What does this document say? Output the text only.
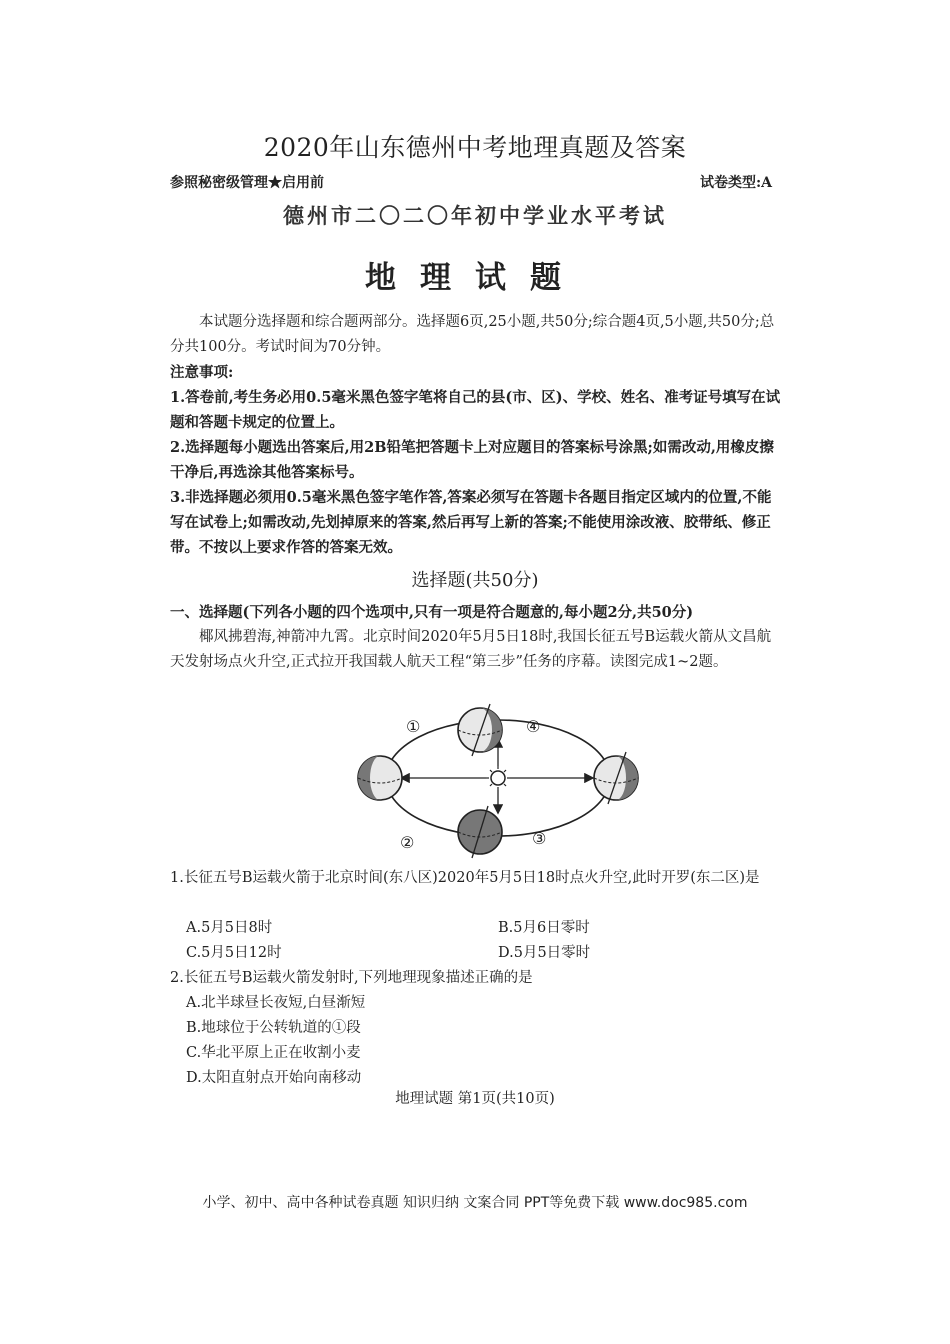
2020年山东德州中考地理真题及答案
参照秘密级管理★启用前	试卷类型:A
德州市二〇二〇年初中学业水平考试
地理试题

本试题分选择题和综合题两部分。选择题6页,25小题,共50分;综合题4页,5小题,共50分;总分共100分。考试时间为70分钟。

注意事项:

1.答卷前,考生务必用0.5毫米黑色签字笔将自己的县(市、区)、学校、姓名、准考证号填写在试题和答题卡规定的位置上。

2.选择题每小题选出答案后,用2B铅笔把答题卡上对应题目的答案标号涂黑;如需改动,用橡皮擦干净后,再选涂其他答案标号。

3.非选择题必须用0.5毫米黑色签字笔作答,答案必须写在答题卡各题目指定区域内的位置,不能写在试卷上;如需改动,先划掉原来的答案,然后再写上新的答案;不能使用涂改液、胶带纸、修正带。不按以上要求作答的答案无效。

选择题(共50分)

一、选择题(下列各小题的四个选项中,只有一项是符合题意的,每小题2分,共50分)

椰风拂碧海,神箭冲九霄。北京时间2020年5月5日18时,我国长征五号B运载火箭从文昌航天发射场点火升空,正式拉开我国载人航天工程“第三步”任务的序幕。读图完成1~2题。

①
②	③
④
1.长征五号B运载火箭于北京时间(东八区)2020年5月5日18时点火升空,此时开罗(东二区)是
A.5月5日8时	B.5月6日零时
C.5月5日12时	D.5月5日零时
2.长征五号B运载火箭发射时,下列地理现象描述正确的是
A.北半球昼长夜短,白昼渐短
B.地球位于公转轨道的①段
C.华北平原上正在收割小麦
D.太阳直射点开始向南移动
地理试题 第1页(共10页)
小学、初中、高中各种试卷真题 知识归纳 文案合同 PPT等免费下载 www.doc985.com
